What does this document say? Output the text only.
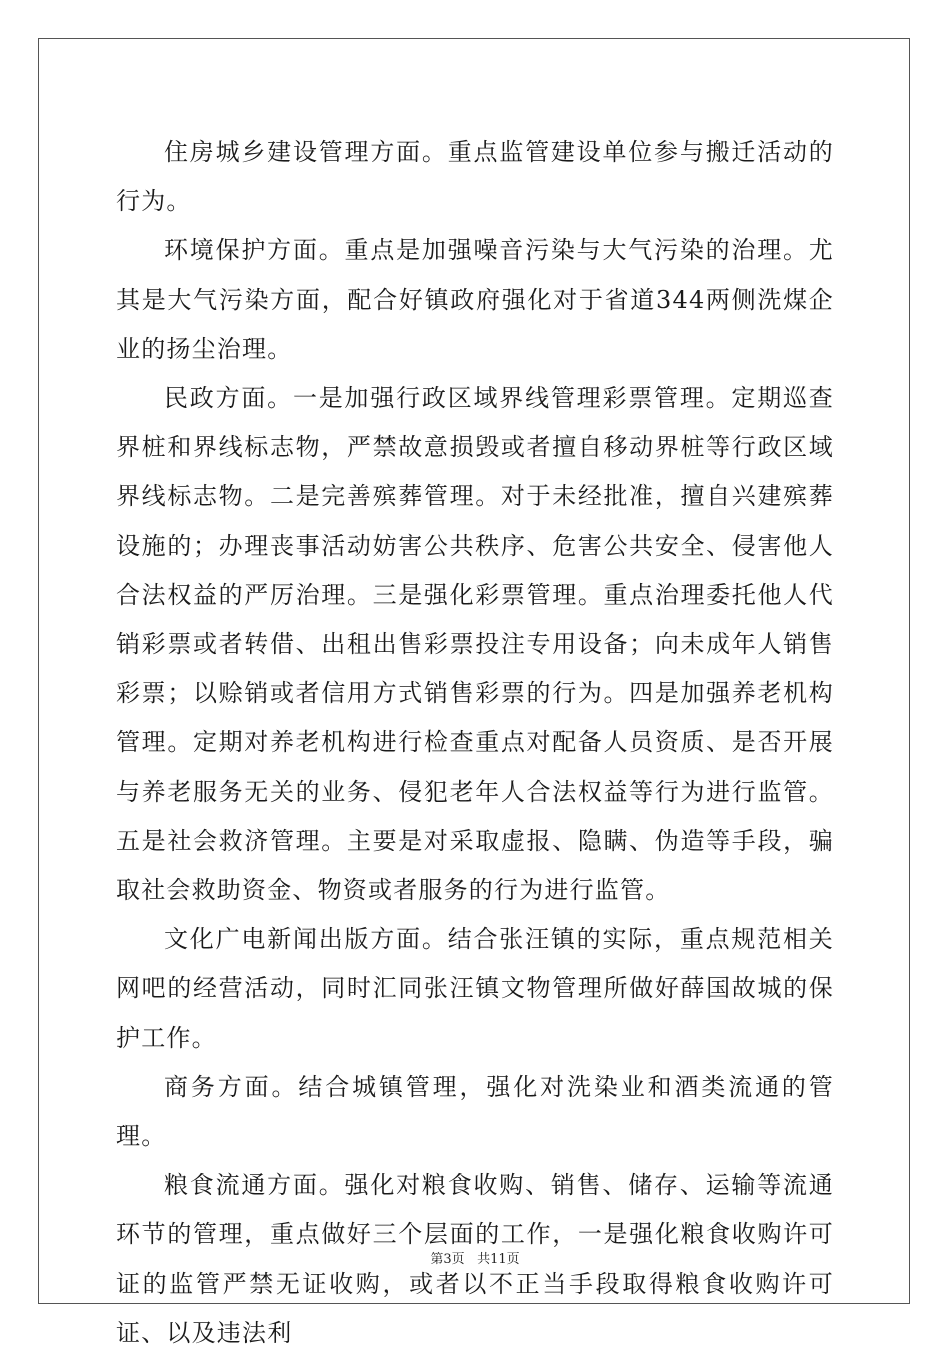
住房城乡建设管理方面。重点监管建设单位参与搬迁活动的行为。

环境保护方面。重点是加强噪音污染与大气污染的治理。尤其是大气污染方面，配合好镇政府强化对于省道344两侧洗煤企业的扬尘治理。

民政方面。一是加强行政区域界线管理彩票管理。定期巡查界桩和界线标志物，严禁故意损毁或者擅自移动界桩等行政区域界线标志物。二是完善殡葬管理。对于未经批准，擅自兴建殡葬设施的；办理丧事活动妨害公共秩序、危害公共安全、侵害他人合法权益的严厉治理。三是强化彩票管理。重点治理委托他人代销彩票或者转借、出租出售彩票投注专用设备；向未成年人销售彩票；以赊销或者信用方式销售彩票的行为。四是加强养老机构管理。定期对养老机构进行检查重点对配备人员资质、是否开展与养老服务无关的业务、侵犯老年人合法权益等行为进行监管。五是社会救济管理。主要是对采取虚报、隐瞒、伪造等手段，骗取社会救助资金、物资或者服务的行为进行监管。

文化广电新闻出版方面。结合张汪镇的实际，重点规范相关网吧的经营活动，同时汇同张汪镇文物管理所做好薛国故城的保护工作。

商务方面。结合城镇管理，强化对洗染业和酒类流通的管理。

粮食流通方面。强化对粮食收购、销售、储存、运输等流通环节的管理，重点做好三个层面的工作，一是强化粮食收购许可证的监管严禁无证收购，或者以不正当手段取得粮食收购许可证、以及违法利

第3页 共11页
